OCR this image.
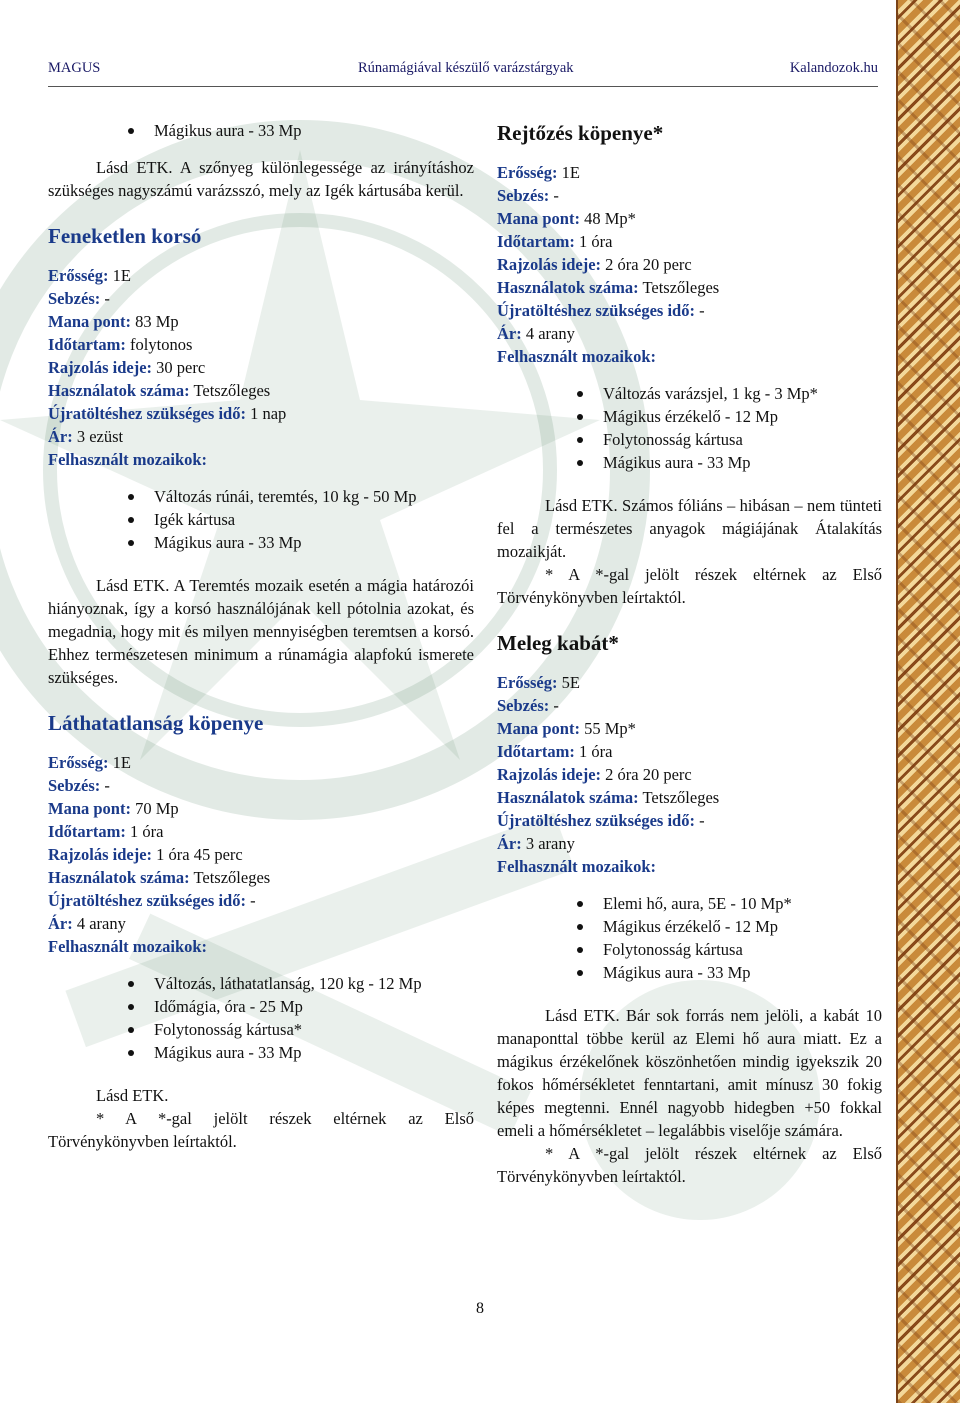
MAGUS	Rúnamágiával készülő varázstárgyak	Kalandozok.hu
Mágikus aura - 33 Mp

Lásd ETK. A szőnyeg különlegessége az irányításhoz szükséges nagyszámú varázsszó, mely az Igék kártusába kerül.

Feneketlen korsó

Erősség: 1E

Sebzés: -

Mana pont: 83 Mp

Időtartam: folytonos

Rajzolás ideje: 30 perc

Használatok száma: Tetszőleges

Újratöltéshez szükséges idő: 1 nap

Ár: 3 ezüst

Felhasznált mozaikok:

Változás rúnái, teremtés, 10 kg - 50 Mp
Igék kártusa
Mágikus aura - 33 Mp

Lásd ETK. A Teremtés mozaik esetén a mágia határozói hiányoznak, így a korsó használójának kell pótolnia azokat, és megadnia, hogy mit és milyen mennyiségben teremtsen a korsó. Ehhez természetesen minimum a rúnamágia alapfokú ismerete szükséges.

Láthatatlanság köpenye

Erősség: 1E

Sebzés: -

Mana pont: 70 Mp

Időtartam: 1 óra

Rajzolás ideje: 1 óra 45 perc

Használatok száma: Tetszőleges

Újratöltéshez szükséges idő: -

Ár: 4 arany

Felhasznált mozaikok:

Változás, láthatatlanság, 120 kg - 12 Mp
Időmágia, óra - 25 Mp
Folytonosság kártusa*
Mágikus aura - 33 Mp

Lásd ETK.

* A *-gal jelölt részek eltérnek az Első Törvénykönyvben leírtaktól.

Rejtőzés köpenye*

Erősség: 1E

Sebzés: -

Mana pont: 48 Mp*

Időtartam: 1 óra

Rajzolás ideje: 2 óra 20 perc

Használatok száma: Tetszőleges

Újratöltéshez szükséges idő: -

Ár: 4 arany

Felhasznált mozaikok:

Változás varázsjel, 1 kg - 3 Mp*
Mágikus érzékelő - 12 Mp
Folytonosság kártusa
Mágikus aura - 33 Mp

Lásd ETK. Számos fóliáns – hibásan – nem tünteti fel a természetes anyagok mágiájának Átalakítás mozaikját.

* A *-gal jelölt részek eltérnek az Első Törvénykönyvben leírtaktól.

Meleg kabát*

Erősség: 5E

Sebzés: -

Mana pont: 55 Mp*

Időtartam: 1 óra

Rajzolás ideje: 2 óra 20 perc

Használatok száma: Tetszőleges

Újratöltéshez szükséges idő: -

Ár: 3 arany

Felhasznált mozaikok:

Elemi hő, aura, 5E - 10 Mp*
Mágikus érzékelő - 12 Mp
Folytonosság kártusa
Mágikus aura - 33 Mp

Lásd ETK. Bár sok forrás nem jelöli, a kabát 10 manaponttal többe kerül az Elemi hő aura miatt. Ez a mágikus érzékelőnek köszönhetően mindig igyekszik 20 fokos hőmérsékletet fenntartani, amit mínusz 30 fokig képes megtenni. Ennél nagyobb hidegben +50 fokkal emeli a hőmérsékletet – legalábbis viselője számára.

* A *-gal jelölt részek eltérnek az Első Törvénykönyvben leírtaktól.

8
